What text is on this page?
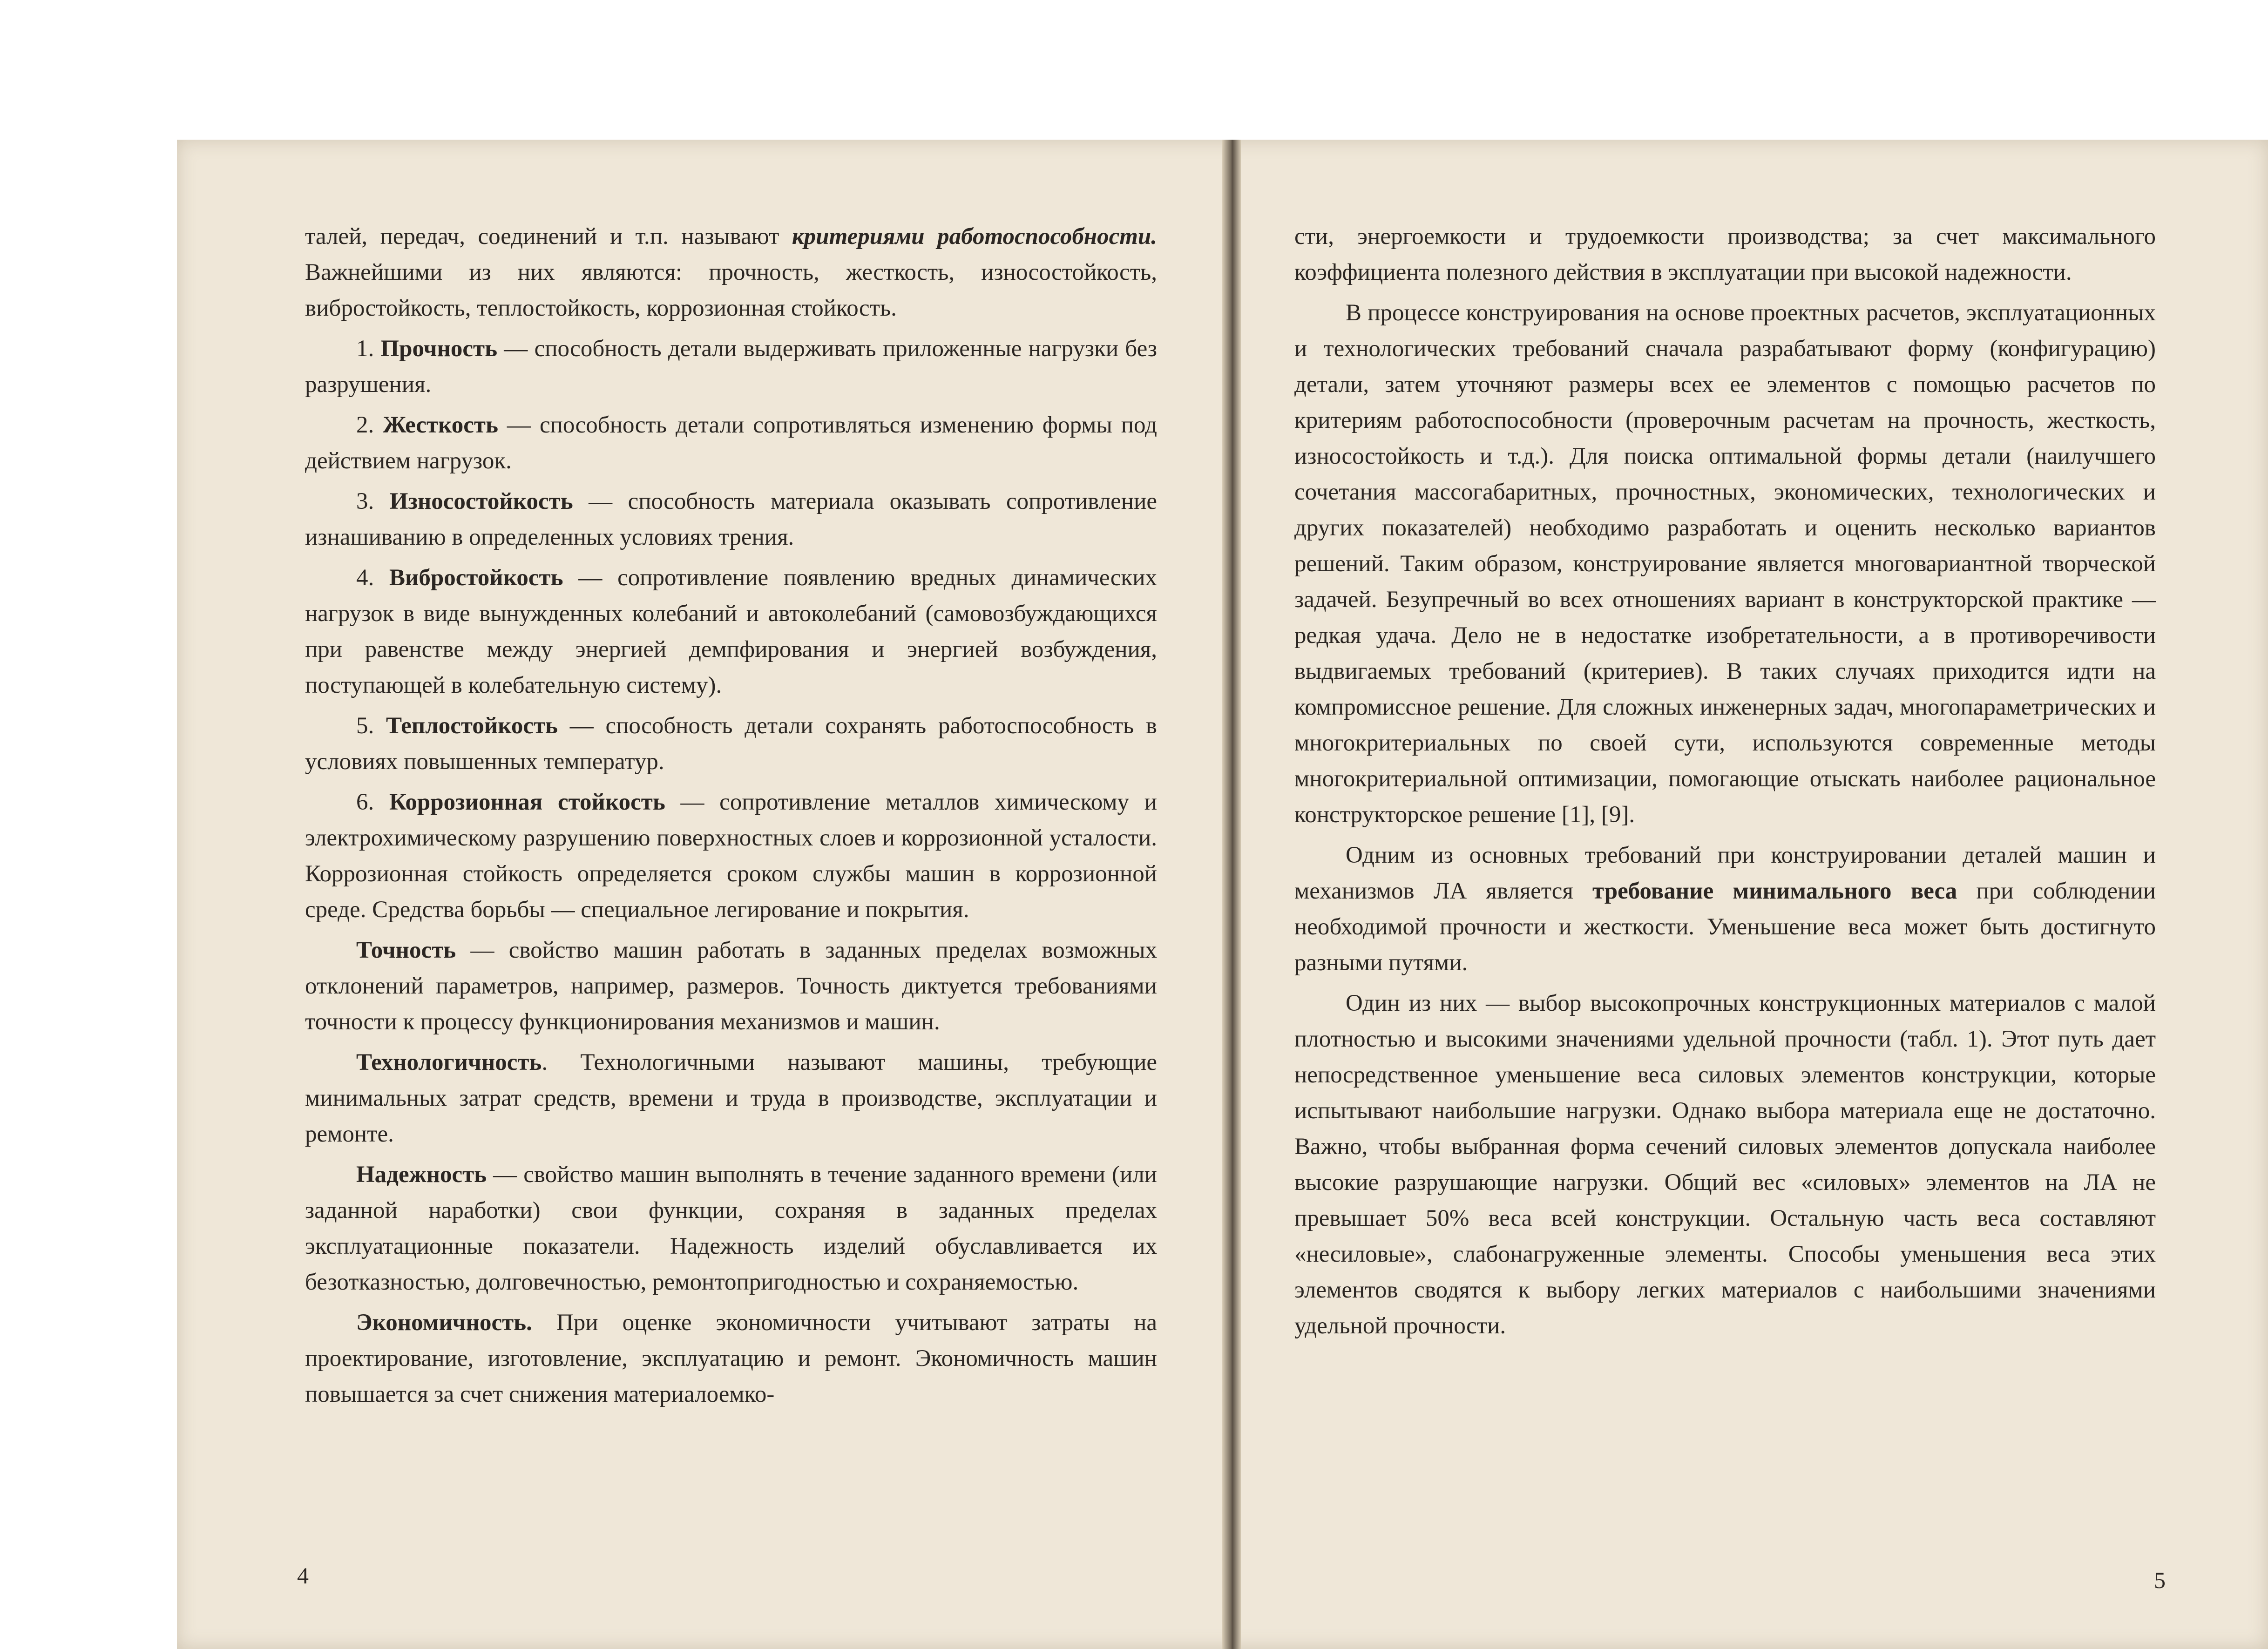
талей, передач, соединений и т.п. называют критериями работоспособности. Важнейшими из них являются: прочность, жесткость, износостойкость, вибростойкость, теплостойкость, коррозионная стойкость.

1. Прочность — способность детали выдерживать приложенные нагрузки без разрушения.

2. Жесткость — способность детали сопротивляться изменению формы под действием нагрузок.

3. Износостойкость — способность материала оказывать сопротивление изнашиванию в определенных условиях трения.

4. Вибростойкость — сопротивление появлению вредных динамических нагрузок в виде вынужденных колебаний и автоколебаний (самовозбуждающихся при равенстве между энергией демпфирования и энергией возбуждения, поступающей в колебательную систему).

5. Теплостойкость — способность детали сохранять работоспособность в условиях повышенных температур.

6. Коррозионная стойкость — сопротивление металлов химическому и электрохимическому разрушению поверхностных слоев и коррозионной усталости. Коррозионная стойкость определяется сроком службы машин в коррозионной среде. Средства борьбы — специальное легирование и покрытия.

Точность — свойство машин работать в заданных пределах возможных отклонений параметров, например, размеров. Точность диктуется требованиями точности к процессу функционирования механизмов и машин.

Технологичность. Технологичными называют машины, требующие минимальных затрат средств, времени и труда в производстве, эксплуатации и ремонте.

Надежность — свойство машин выполнять в течение заданного времени (или заданной наработки) свои функции, сохраняя в заданных пределах эксплуатационные показатели. Надежность изделий обуславливается их безотказностью, долговечностью, ремонтопригодностью и сохраняемостью.

Экономичность. При оценке экономичности учитывают затраты на проектирование, изготовление, эксплуатацию и ремонт. Экономичность машин повышается за счет снижения материалоемко-

4

сти, энергоемкости и трудоемкости производства; за счет максимального коэффициента полезного действия в эксплуатации при высокой надежности.

В процессе конструирования на основе проектных расчетов, эксплуатационных и технологических требований сначала разрабатывают форму (конфигурацию) детали, затем уточняют размеры всех ее элементов с помощью расчетов по критериям работоспособности (проверочным расчетам на прочность, жесткость, износостойкость и т.д.). Для поиска оптимальной формы детали (наилучшего сочетания массогабаритных, прочностных, экономических, технологических и других показателей) необходимо разработать и оценить несколько вариантов решений. Таким образом, конструирование является многовариантной творческой задачей. Безупречный во всех отношениях вариант в конструкторской практике — редкая удача. Дело не в недостатке изобретательности, а в противоречивости выдвигаемых требований (критериев). В таких случаях приходится идти на компромиссное решение. Для сложных инженерных задач, многопараметрических и многокритериальных по своей сути, используются современные методы многокритериальной оптимизации, помогающие отыскать наиболее рациональное конструкторское решение [1], [9].

Одним из основных требований при конструировании деталей машин и механизмов ЛА является требование минимального веса при соблюдении необходимой прочности и жесткости. Уменьшение веса может быть достигнуто разными путями.

Один из них — выбор высокопрочных конструкционных материалов с малой плотностью и высокими значениями удельной прочности (табл. 1). Этот путь дает непосредственное уменьшение веса силовых элементов конструкции, которые испытывают наибольшие нагрузки. Однако выбора материала еще не достаточно. Важно, чтобы выбранная форма сечений силовых элементов допускала наиболее высокие разрушающие нагрузки. Общий вес «силовых» элементов на ЛА не превышает 50% веса всей конструкции. Остальную часть веса составляют «несиловые», слабонагруженные элементы. Способы уменьшения веса этих элементов сводятся к выбору легких материалов с наибольшими значениями удельной прочности.

5
